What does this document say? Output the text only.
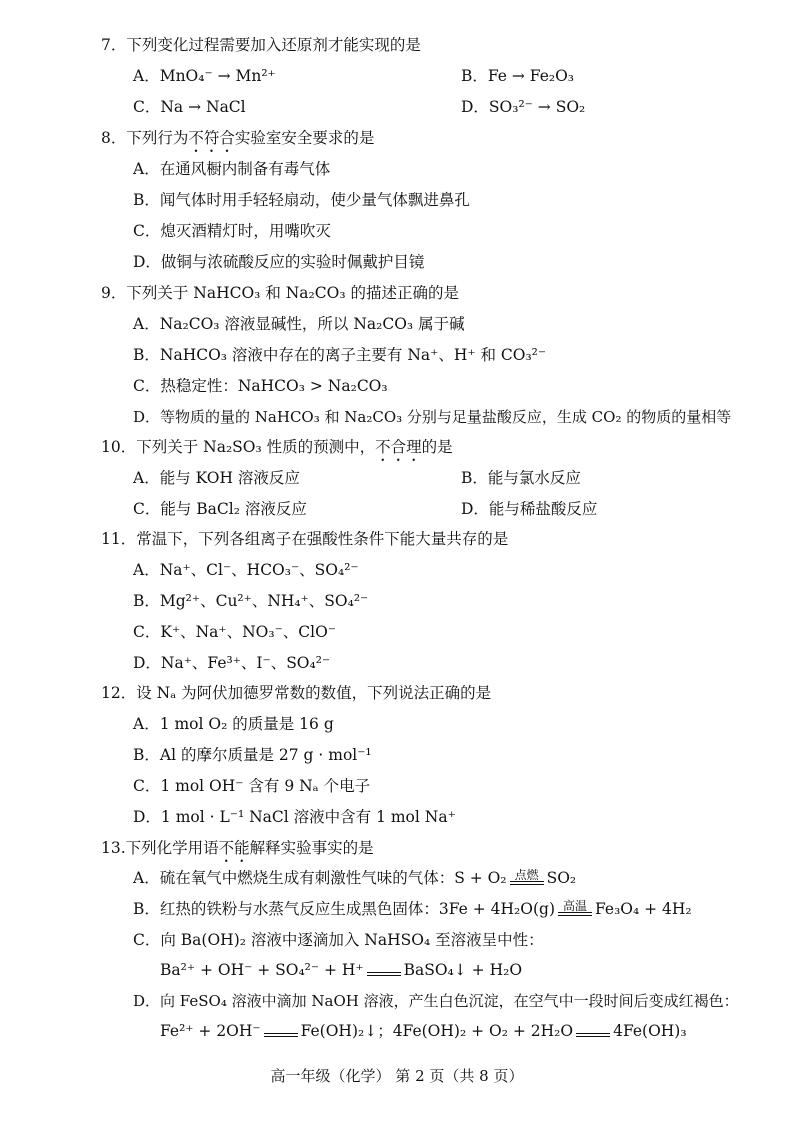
7．下列变化过程需要加入还原剂才能实现的是
A．MnO₄⁻ → Mn²⁺	B．Fe → Fe₂O₃
C．Na → NaCl	D．SO₃²⁻ → SO₂
8．下列行为不符合实验室安全要求的是
A．在通风橱内制备有毒气体
B．闻气体时用手轻轻扇动，使少量气体飘进鼻孔
C．熄灭酒精灯时，用嘴吹灭
D．做铜与浓硫酸反应的实验时佩戴护目镜
9．下列关于 NaHCO₃ 和 Na₂CO₃ 的描述正确的是
A．Na₂CO₃ 溶液显碱性，所以 Na₂CO₃ 属于碱
B．NaHCO₃ 溶液中存在的离子主要有 Na⁺、H⁺ 和 CO₃²⁻
C．热稳定性：NaHCO₃ > Na₂CO₃
D．等物质的量的 NaHCO₃ 和 Na₂CO₃ 分别与足量盐酸反应，生成 CO₂ 的物质的量相等
10．下列关于 Na₂SO₃ 性质的预测中，不合理的是
A．能与 KOH 溶液反应	B．能与氯水反应
C．能与 BaCl₂ 溶液反应	D．能与稀盐酸反应
11．常温下，下列各组离子在强酸性条件下能大量共存的是
A．Na⁺、Cl⁻、HCO₃⁻、SO₄²⁻
B．Mg²⁺、Cu²⁺、NH₄⁺、SO₄²⁻
C．K⁺、Na⁺、NO₃⁻、ClO⁻
D．Na⁺、Fe³⁺、I⁻、SO₄²⁻
12．设 Nₐ 为阿伏加德罗常数的数值，下列说法正确的是
A．1 mol O₂ 的质量是 16 g
B．Al 的摩尔质量是 27 g · mol⁻¹
C．1 mol OH⁻ 含有 9 Nₐ 个电子
D．1 mol · L⁻¹ NaCl 溶液中含有 1 mol Na⁺
13.下列化学用语不能解释实验事实的是
A．硫在氧气中燃烧生成有刺激性气味的气体：S + O₂ 点燃 SO₂
B．红热的铁粉与水蒸气反应生成黑色固体：3Fe + 4H₂O(g) 高温 Fe₃O₄ + 4H₂
C．向 Ba(OH)₂ 溶液中逐滴加入 NaHSO₄ 至溶液呈中性：
Ba²⁺ + OH⁻ + SO₄²⁻ + H⁺	BaSO₄↓ + H₂O
D．向 FeSO₄ 溶液中滴加 NaOH 溶液，产生白色沉淀，在空气中一段时间后变成红褐色：
Fe²⁺ + 2OH⁻	Fe(OH)₂↓；4Fe(OH)₂ + O₂ + 2H₂O	4Fe(OH)₃
高一年级（化学） 第 2 页（共 8 页）
